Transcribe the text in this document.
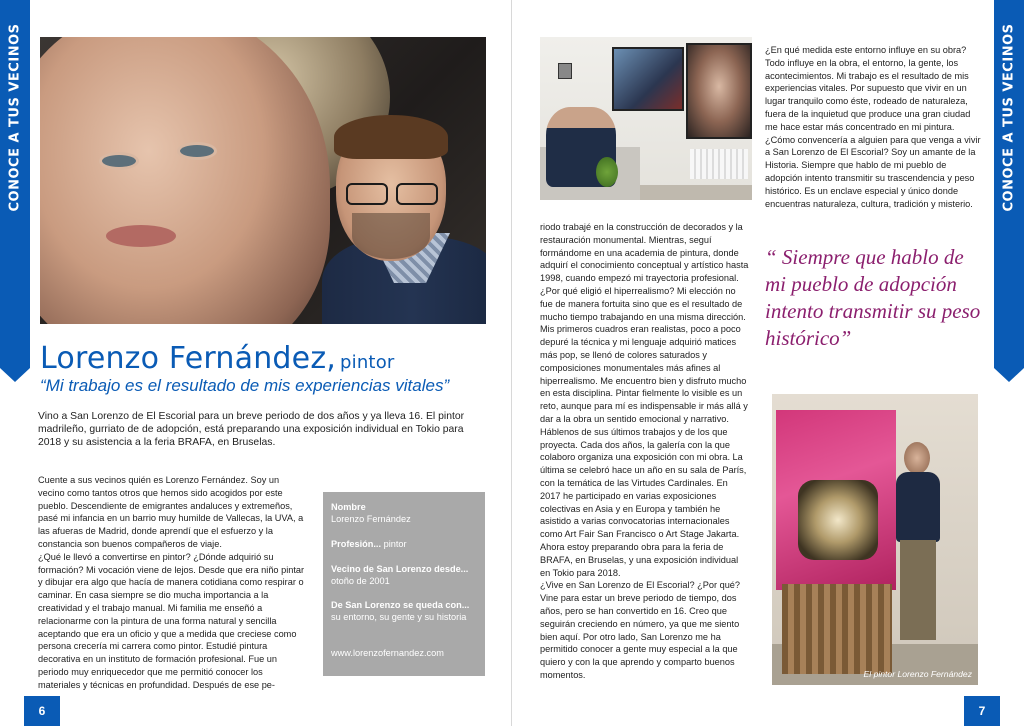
CONOCE A TUS VECINOS
Lorenzo Fernández, pintor
“Mi trabajo es el resultado de mis experiencias vitales”
Vino a San Lorenzo de El Escorial para un breve periodo de dos años y ya lleva 16. El pintor madrileño, gurriato de de adopción, está preparando una exposición individual en Tokio para 2018 y su asistencia a la feria BRAFA, en Bruselas.

Cuente a sus vecinos quién es Lorenzo Fernández. Soy un vecino como tantos otros que hemos sido acogidos por este pueblo. Descendiente de emigrantes andaluces y extremeños, pasé mi infancia en un barrio muy humilde de Vallecas, la UVA, a las afueras de Madrid, donde aprendí que el esfuerzo y la constancia son buenos compañeros de viaje.

¿Qué le llevó a convertirse en pintor? ¿Dónde adquirió su formación? Mi vocación viene de lejos. Desde que era niño pintar y dibujar era algo que hacía de manera cotidiana como respirar o caminar. En casa siempre se dio mucha importancia a la creatividad y el trabajo manual. Mi familia me enseñó a relacionarme con la pintura de una forma natural y sencilla aceptando que era un oficio y que a medida que creciese como persona crecería mi carrera como pintor. Estudié pintura decorativa en un instituto de formación profesional. Fue un periodo muy enriquecedor que me permitió conocer los materiales y técnicas en profundidad. Después de ese pe-

Nombre
Lorenzo Fernández
Profesión... pintor
Vecino de San Lorenzo desde... otoño de 2001
De San Lorenzo se queda con... su entorno, su gente y su historia
www.lorenzofernandez.com
6

riodo trabajé en la construcción de decorados y la restauración monumental. Mientras, seguí formándome en una academia de pintura, donde adquirí el conocimiento conceptual y artístico hasta 1998, cuando empezó mi trayectoria profesional.

¿Por qué eligió el hiperrealismo? Mi elección no fue de manera fortuita sino que es el resultado de mucho tiempo trabajando en una misma dirección. Mis primeros cuadros eran realistas, poco a poco depuré la técnica y mi lenguaje adquirió matices más pop, se llenó de colores saturados y composiciones monumentales más afines al hiperrealismo. Me encuentro bien y disfruto mucho en esta disciplina. Pintar fielmente lo visible es un reto, aunque para mí es indispensable ir más allá y dar a la obra un sentido emocional y narrativo.

Háblenos de sus últimos trabajos y de los que proyecta. Cada dos años, la galería con la que colaboro organiza una exposición con mi obra. La última se celebró hace un año en su sala de París, con la temática de las Virtudes Cardinales. En 2017 he participado en varias exposiciones colectivas en Asia y en Europa y también he asistido a varias convocatorias internacionales como Art Fair San Francisco o Art Stage Jakarta. Ahora estoy preparando obra para la feria de BRAFA, en Bruselas, y una exposición individual en Tokio para 2018.

¿Vive en San Lorenzo de El Escorial? ¿Por qué? Vine para estar un breve periodo de tiempo, dos años, pero se han convertido en 16. Creo que seguirán creciendo en número, ya que me siento bien aquí. Por otro lado, San Lorenzo me ha permitido conocer a gente muy especial a la que quiero y con la que aprendo y comparto buenos momentos.

¿En qué medida este entorno influye en su obra? Todo influye en la obra, el entorno, la gente, los acontecimientos. Mi trabajo es el resultado de mis experiencias vitales. Por supuesto que vivir en un lugar tranquilo como éste, rodeado de naturaleza, fuera de la inquietud que produce una gran ciudad me hace estar más concentrado en mi pintura.

¿Cómo convencería a alguien para que venga a vivir a San Lorenzo de El Escorial? Soy un amante de la Historia. Siempre que hablo de mi pueblo de adopción intento transmitir su trascendencia y peso histórico. Es un enclave especial y único donde encuentras naturaleza, cultura, tradición y misterio.

“ Siempre que hablo de mi pueblo de adopción intento transmitir su peso histórico”
El pintor Lorenzo Fernández
CONOCE A TUS VECINOS
7
